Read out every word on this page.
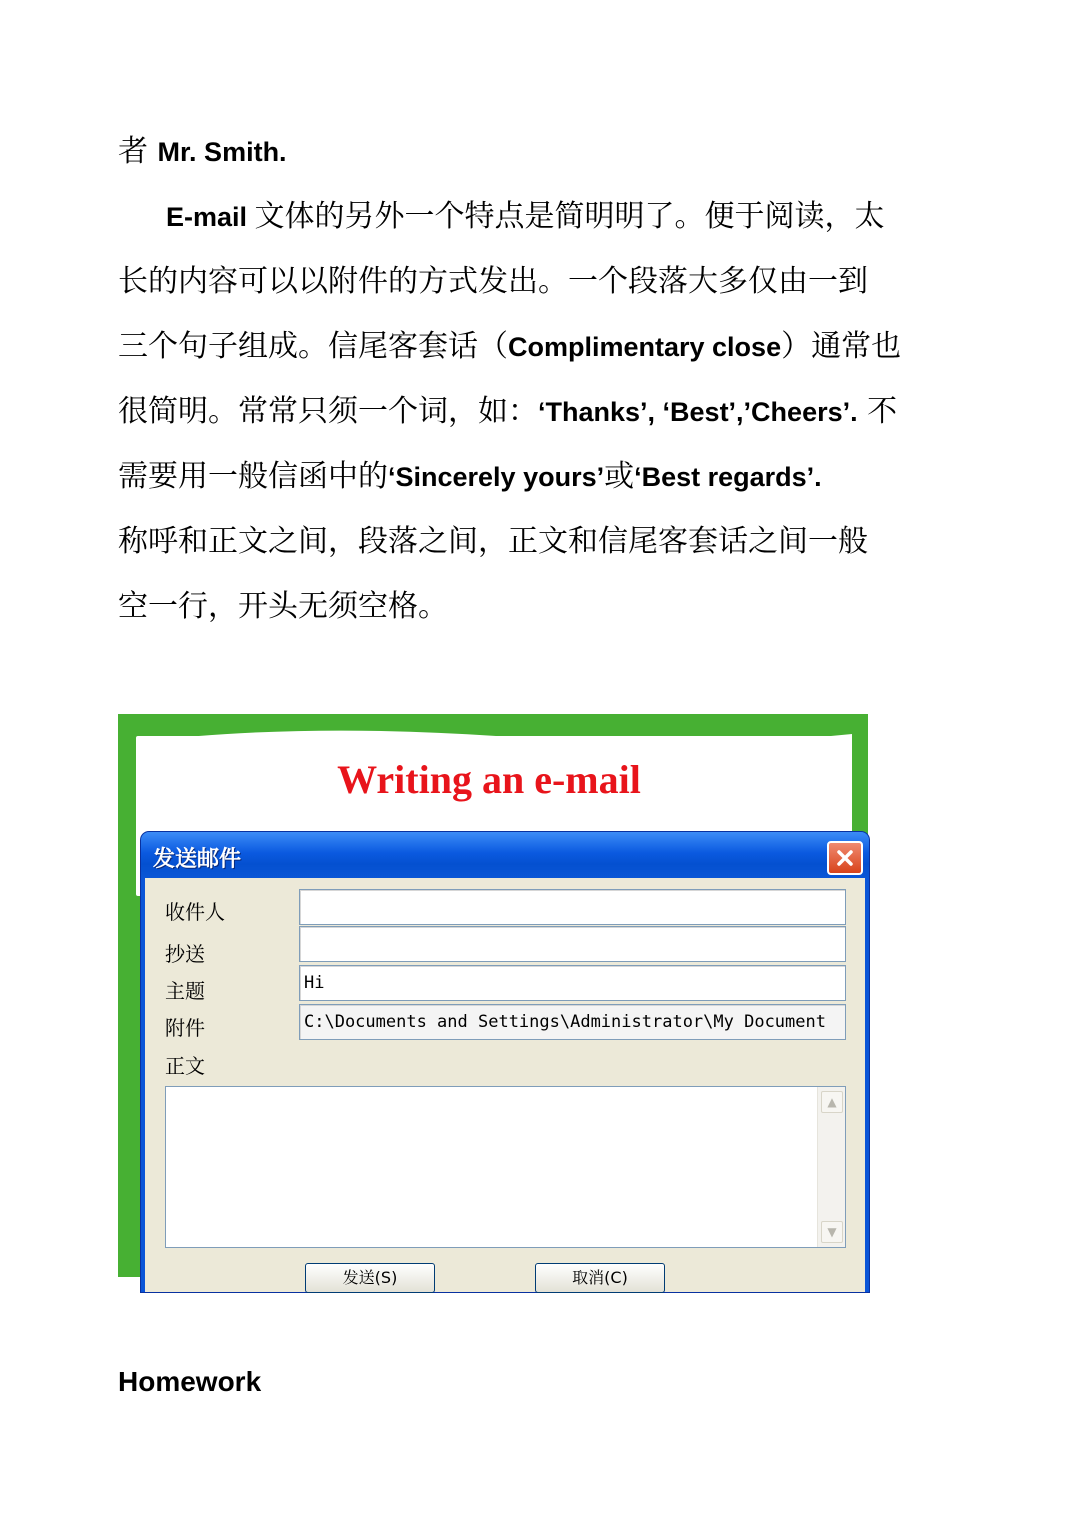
者 Mr. Smith.
E-mail 文体的另外一个特点是简明明了。便于阅读，太
长的内容可以以附件的方式发出。一个段落大多仅由一到
三个句子组成。信尾客套话（Complimentary close）通常也
很简明。常常只须一个词，如：‘Thanks’, ‘Best’,’Cheers’. 不
需要用一般信函中的‘Sincerely yours’或‘Best regards’.
称呼和正文之间，段落之间，正文和信尾客套话之间一般
空一行，开头无须空格。
Writing an e-mail
发送邮件
收件人
抄送
主题	Hi
附件	C:\Documents and Settings\Administrator\My Document
正文
▲
▼
发送(S)	取消(C)
Homework
